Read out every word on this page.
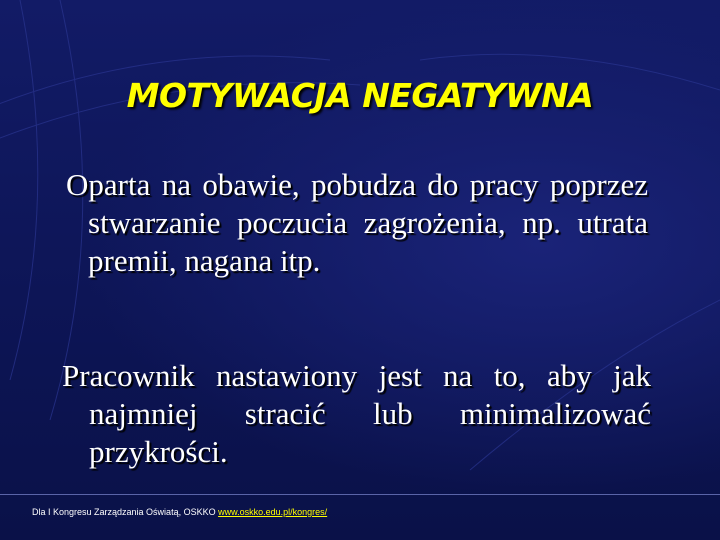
MOTYWACJA NEGATYWNA
Oparta na obawie, pobudza do pracy poprzez stwarzanie poczucia zagrożenia, np. utrata premii, nagana itp.
Pracownik nastawiony jest na to, aby jak najmniej stracić lub minimalizować przykrości.
Dla I Kongresu Zarządzania Oświatą, OSKKO www.oskko.edu.pl/kongres/
